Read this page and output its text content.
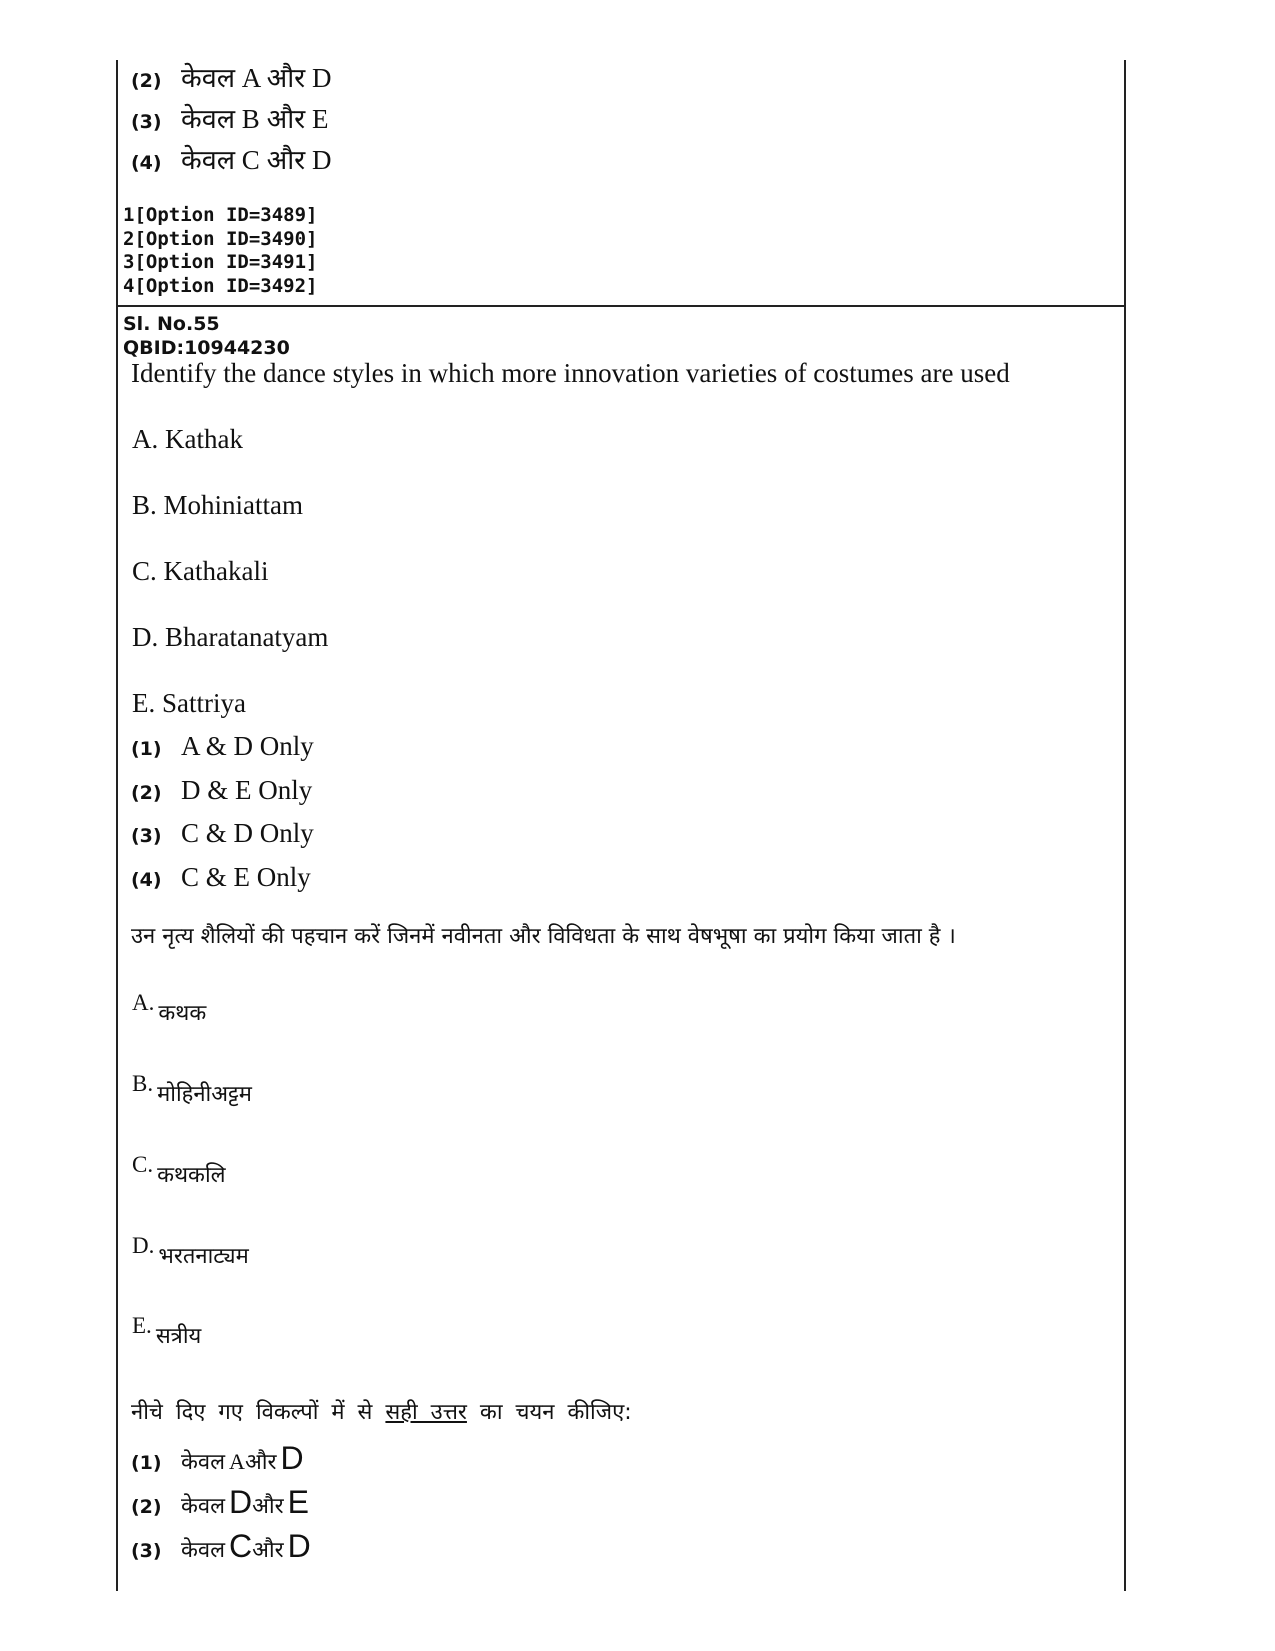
(2) केवल A और D
(3) केवल B और E
(4) केवल C और D
1[Option ID=3489]
2[Option ID=3490]
3[Option ID=3491]
4[Option ID=3492]
Sl. No.55
QBID:10944230
Identify the dance styles in which more innovation varieties of costumes are used
A. Kathak
B. Mohiniattam
C. Kathakali
D. Bharatanatyam
E. Sattriya
(1) A & D Only
(2) D & E Only
(3) C & D Only
(4) C & E Only
उन नृत्य शैलियों की पहचान करें जिनमें नवीनता और विविधता के साथ वेषभूषा का प्रयोग किया जाता है ।
A. कथक
B. मोहिनीअट्टम
C. कथकलि
D. भरतनाट्यम
E. सत्रीय
नीचे दिए गए विकल्पों में से सही उत्तर का चयन कीजिए:
(1) केवल
A और
D
(2) केवल
D और
E
(3) केवल
C और
D
